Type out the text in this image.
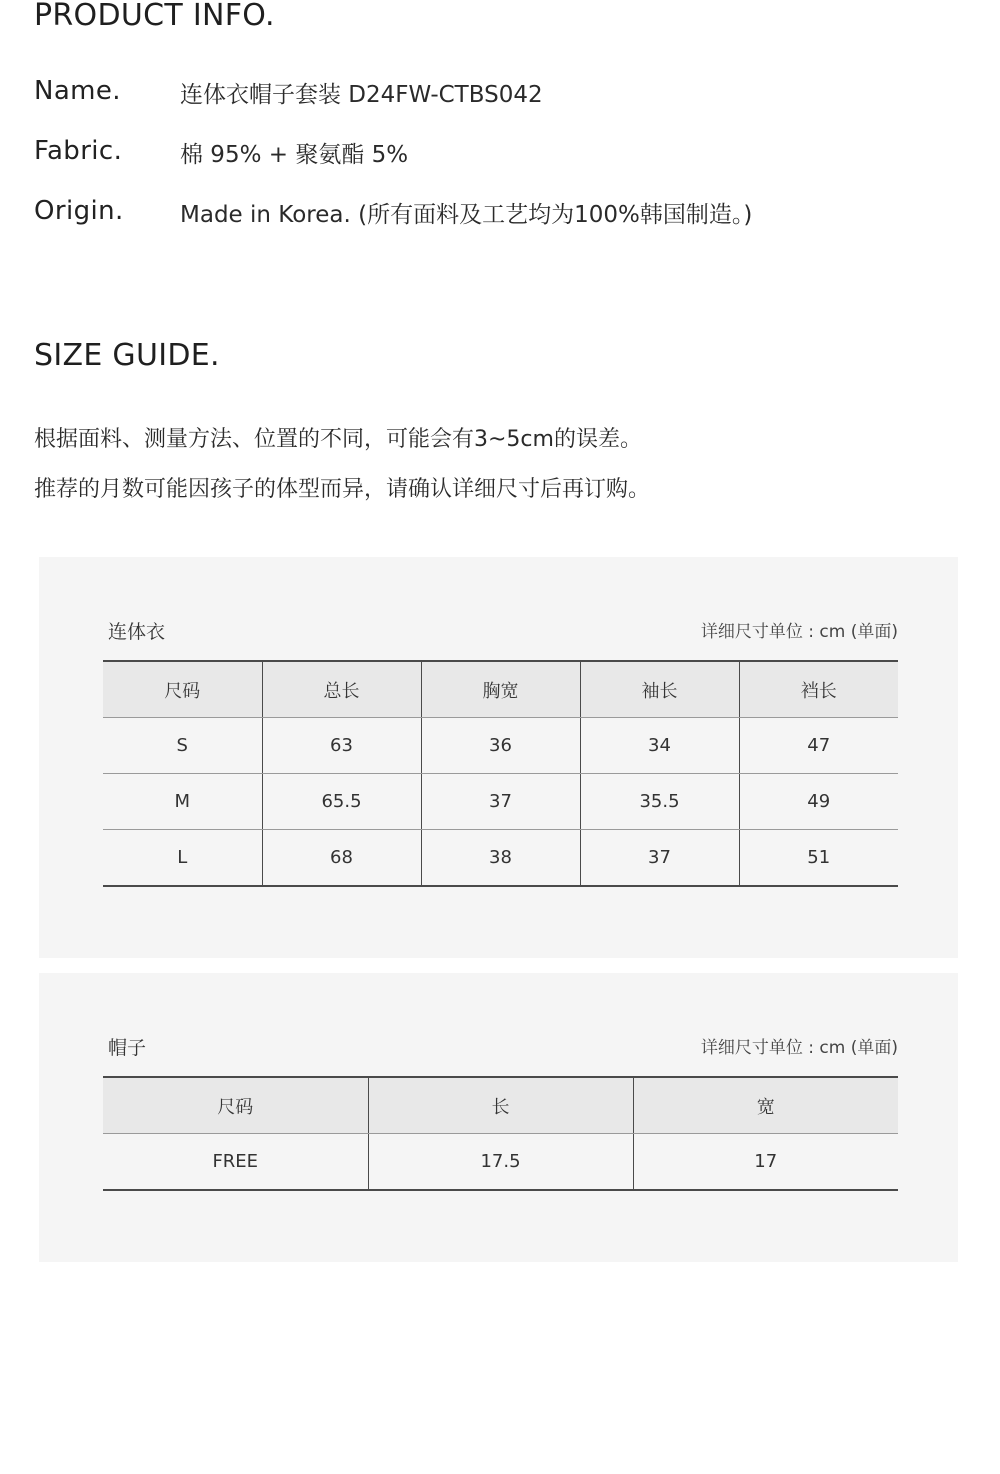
PRODUCT INFO.
Name.	连体衣帽子套装 D24FW-CTBS042
Fabric.	棉 95% + 聚氨酯 5%
Origin. Made in Korea. (所有面料及工艺均为100%韩国制造。)
SIZE GUIDE.
根据面料、测量方法、位置的不同，可能会有3~5cm的误差。
推荐的月数可能因孩子的体型而异，请确认详细尺寸后再订购。
连体衣	详细尺寸单位 : cm (单面)
尺码	总长	胸宽	袖长	裆长
S	63	36	34	47
M	65.5	37	35.5	49
L	68	38	37	51
帽子	详细尺寸单位 : cm (单面)
尺码	长	宽
FREE	17.5	17
